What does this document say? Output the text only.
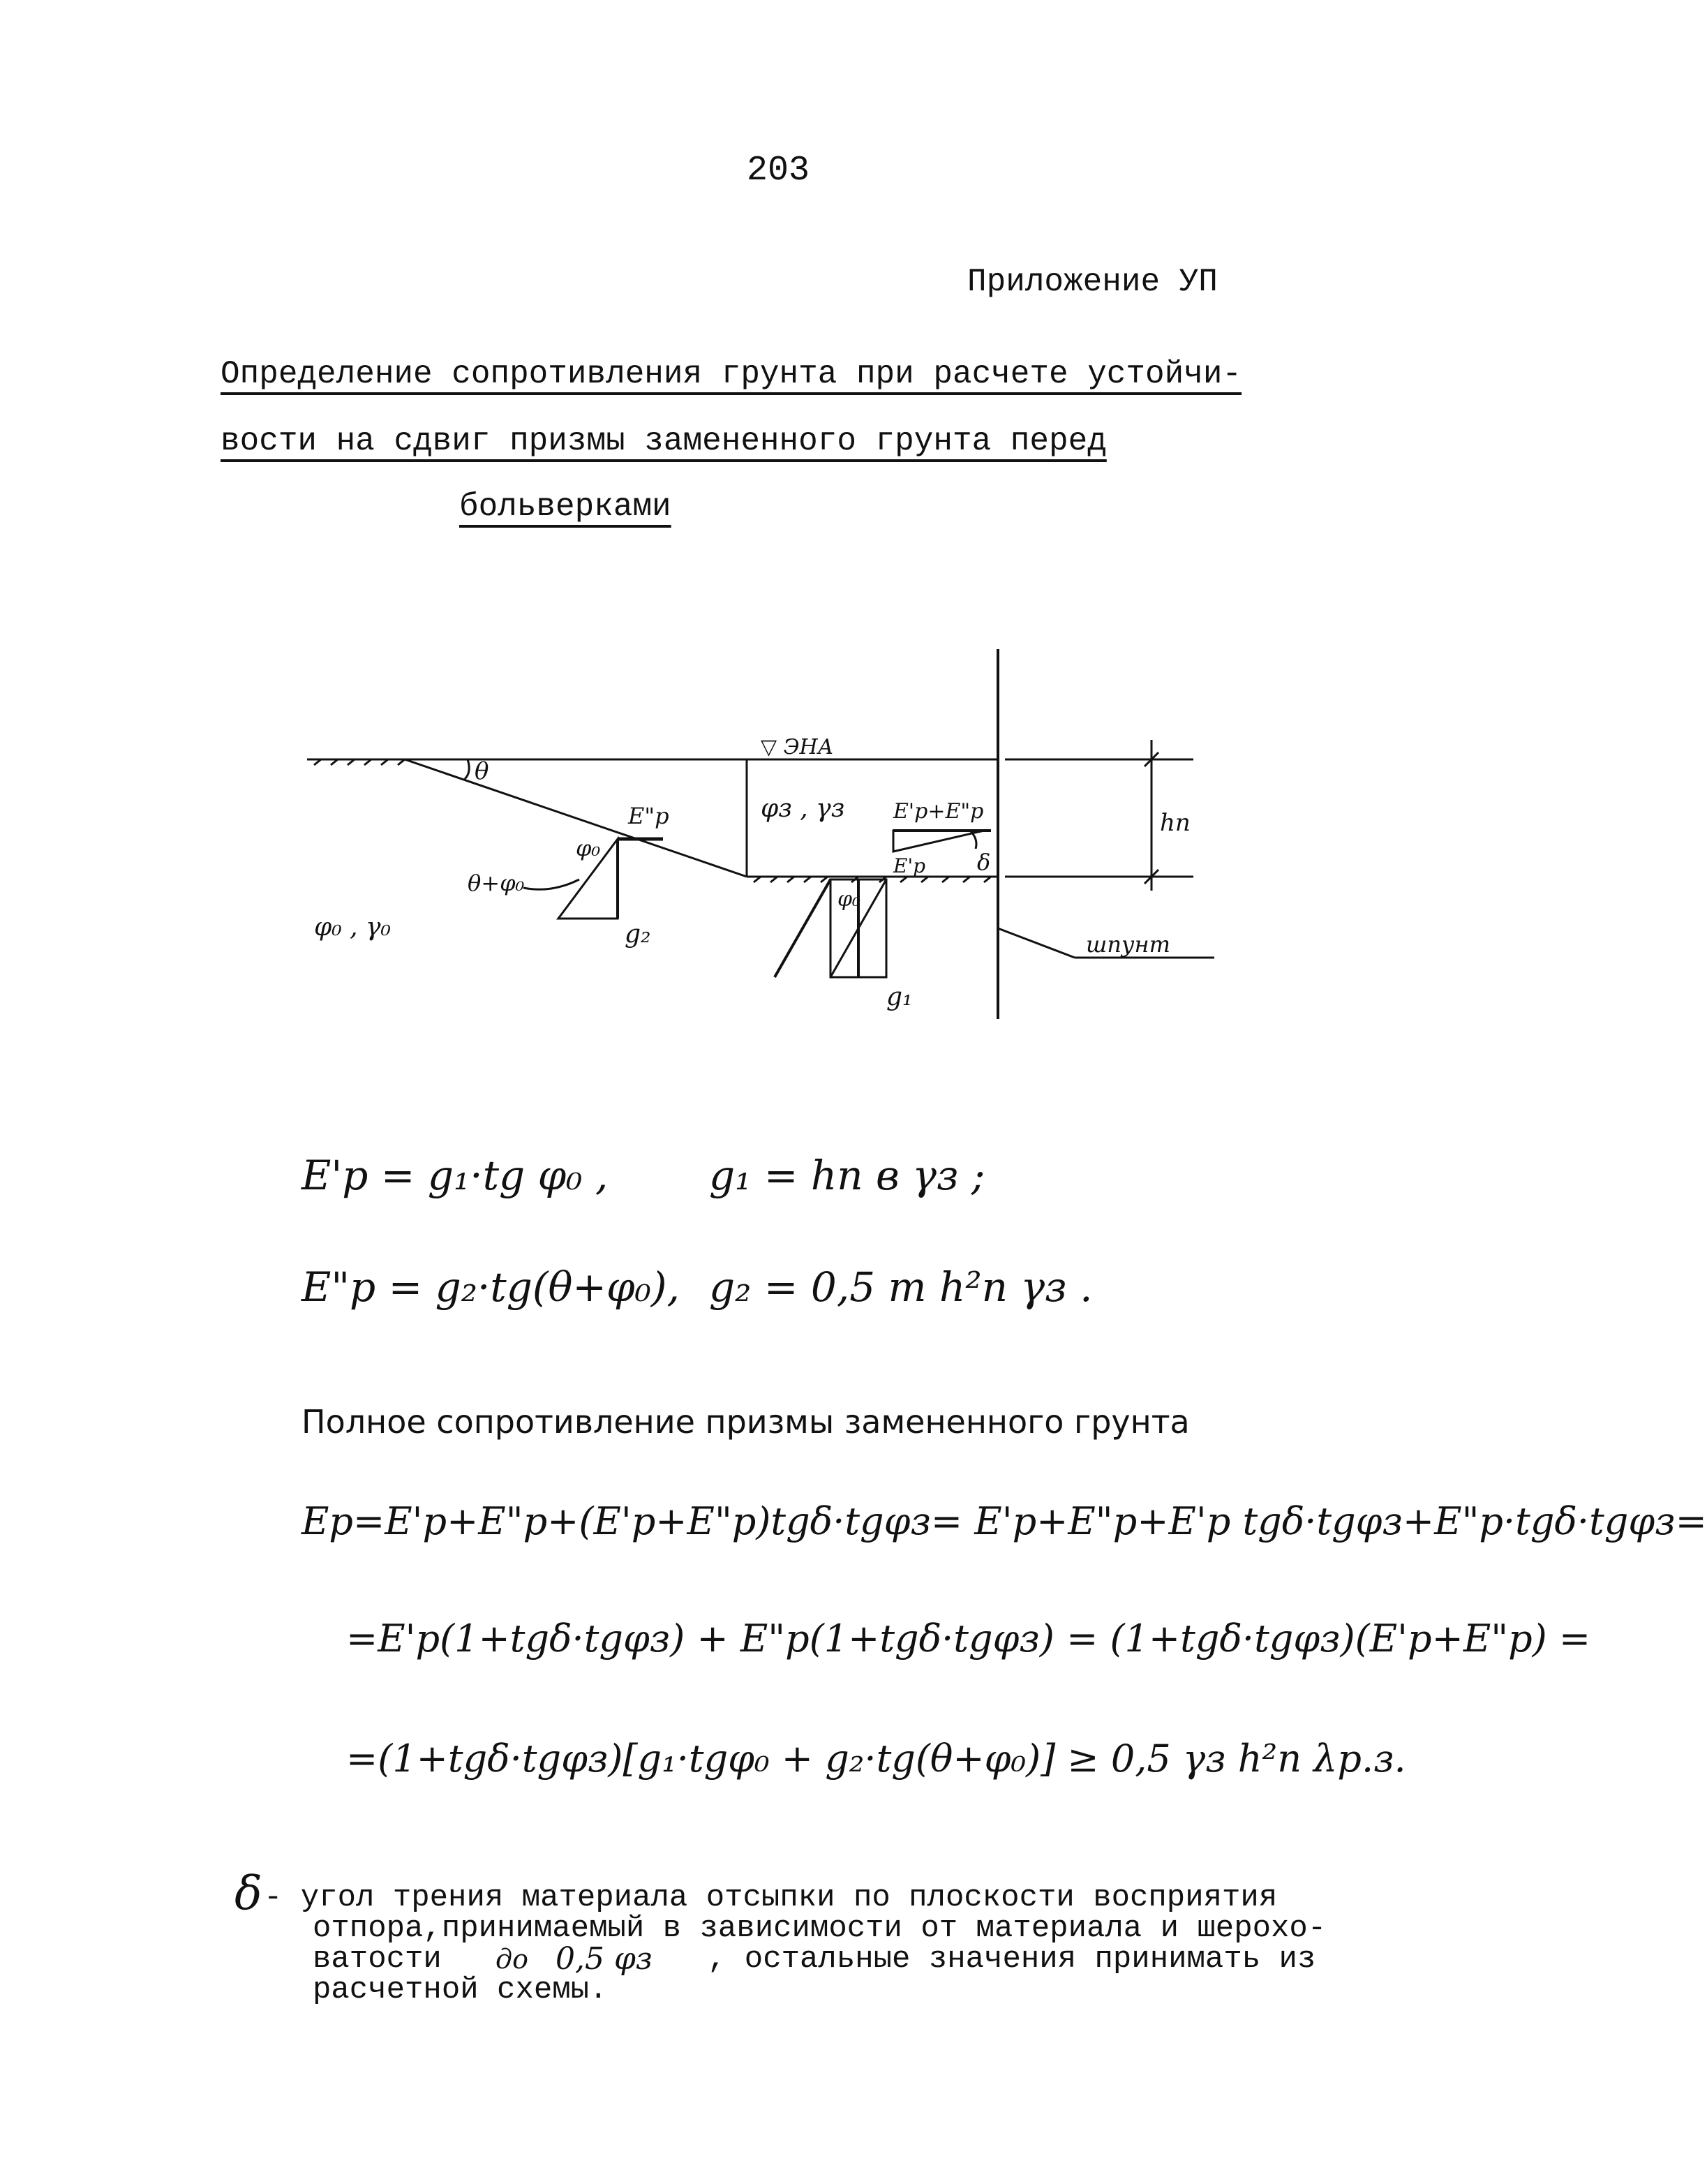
203
Приложение УП
Определение сопротивления грунта при расчете устойчи-
вости на сдвиг призмы замененного грунта перед
больверками
θ
▽ ЭНА
E"p
φ₀
θ+φ₀
g₂
φ₀ , γ₀
φз , γз E'p+E"p
E'p δ
φ₀
g₁
hn
шпунт
E'p = g₁·tg φ₀ , g₁ = hn в γз ;
E"p = g₂·tg(θ+φ₀), g₂ = 0,5 m h²n γз .
Полное сопротивление призмы замененного грунта
Ep=E'p+E"p+(E'p+E"p)tgδ·tgφз= E'p+E"p+E'p tgδ·tgφз+E"p·tgδ·tgφз=
=E'p(1+tgδ·tgφз) + E"p(1+tgδ·tgφз) = (1+tgδ·tgφз)(E'p+E"p) =
=(1+tgδ·tgφз)[g₁·tgφ₀ + g₂·tg(θ+φ₀)] ≥ 0,5 γз h²n λр.з.
δ - угол трения материала отсыпки по плоскости восприятия
отпора,принимаемый в зависимости от материала и шерохо-
ватости до 0,5 φз , остальные значения принимать из
расчетной схемы.
